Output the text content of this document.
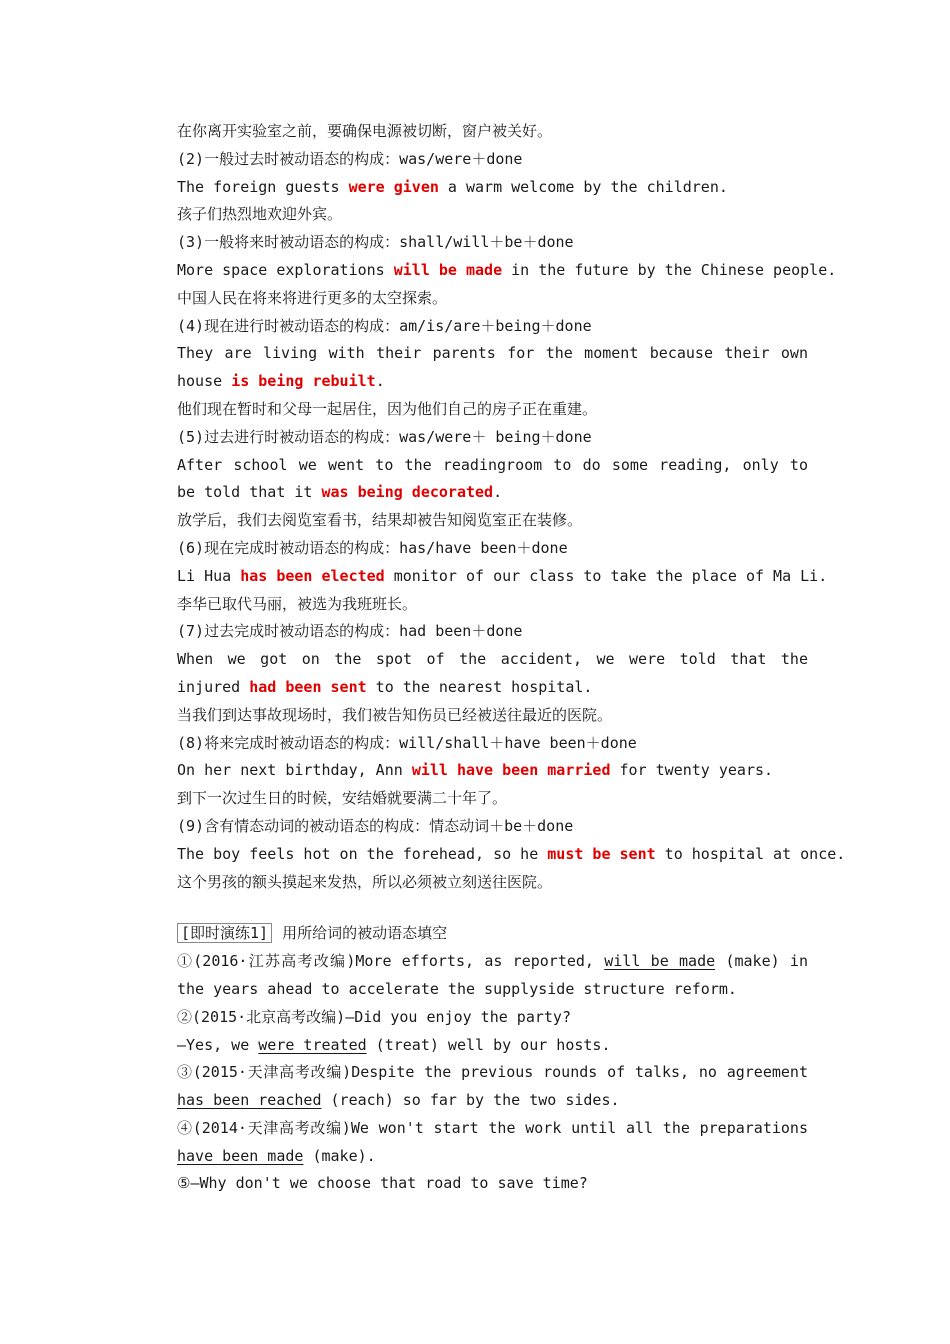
在你离开实验室之前，要确保电源被切断，窗户被关好。
(2)一般过去时被动语态的构成：was/were＋done
The foreign guests were given a warm welcome by the children.
孩子们热烈地欢迎外宾。
(3)一般将来时被动语态的构成：shall/will＋be＋done
More space explorations will be made in the future by the Chinese people.
中国人民在将来将进行更多的太空探索。
(4)现在进行时被动语态的构成：am/is/are＋being＋done
They are living with their parents for the moment because their own house is being rebuilt.
他们现在暂时和父母一起居住，因为他们自己的房子正在重建。
(5)过去进行时被动语态的构成：was/were＋ being＋done
After school we went to the readingroom to do some reading, only to be told that it was being decorated.
放学后，我们去阅览室看书，结果却被告知阅览室正在装修。
(6)现在完成时被动语态的构成：has/have been＋done
Li Hua has been elected monitor of our class to take the place of Ma Li.
李华已取代马丽，被选为我班班长。
(7)过去完成时被动语态的构成：had been＋done
When we got on the spot of the accident, we were told that the injured had been sent to the nearest hospital.
当我们到达事故现场时，我们被告知伤员已经被送往最近的医院。
(8)将来完成时被动语态的构成：will/shall＋have been＋done
On her next birthday, Ann will have been married for twenty years.
到下一次过生日的时候，安结婚就要满二十年了。
(9)含有情态动词的被动语态的构成：情态动词＋be＋done
The boy feels hot on the forehead, so he must be sent to hospital at once.
这个男孩的额头摸起来发热，所以必须被立刻送往医院。
[即时演练1] 用所给词的被动语态填空
①(2016·江苏高考改编)More efforts, as reported, will be made (make) in the years ahead to accelerate the supplyside structure reform.
②(2015·北京高考改编)—Did you enjoy the party?
—Yes, we were treated (treat) well by our hosts.
③(2015·天津高考改编)Despite the previous rounds of talks, no agreement has been reached (reach) so far by the two sides.
④(2014·天津高考改编)We won't start the work until all the preparations have been made (make).
⑤—Why don't we choose that road to save time?
